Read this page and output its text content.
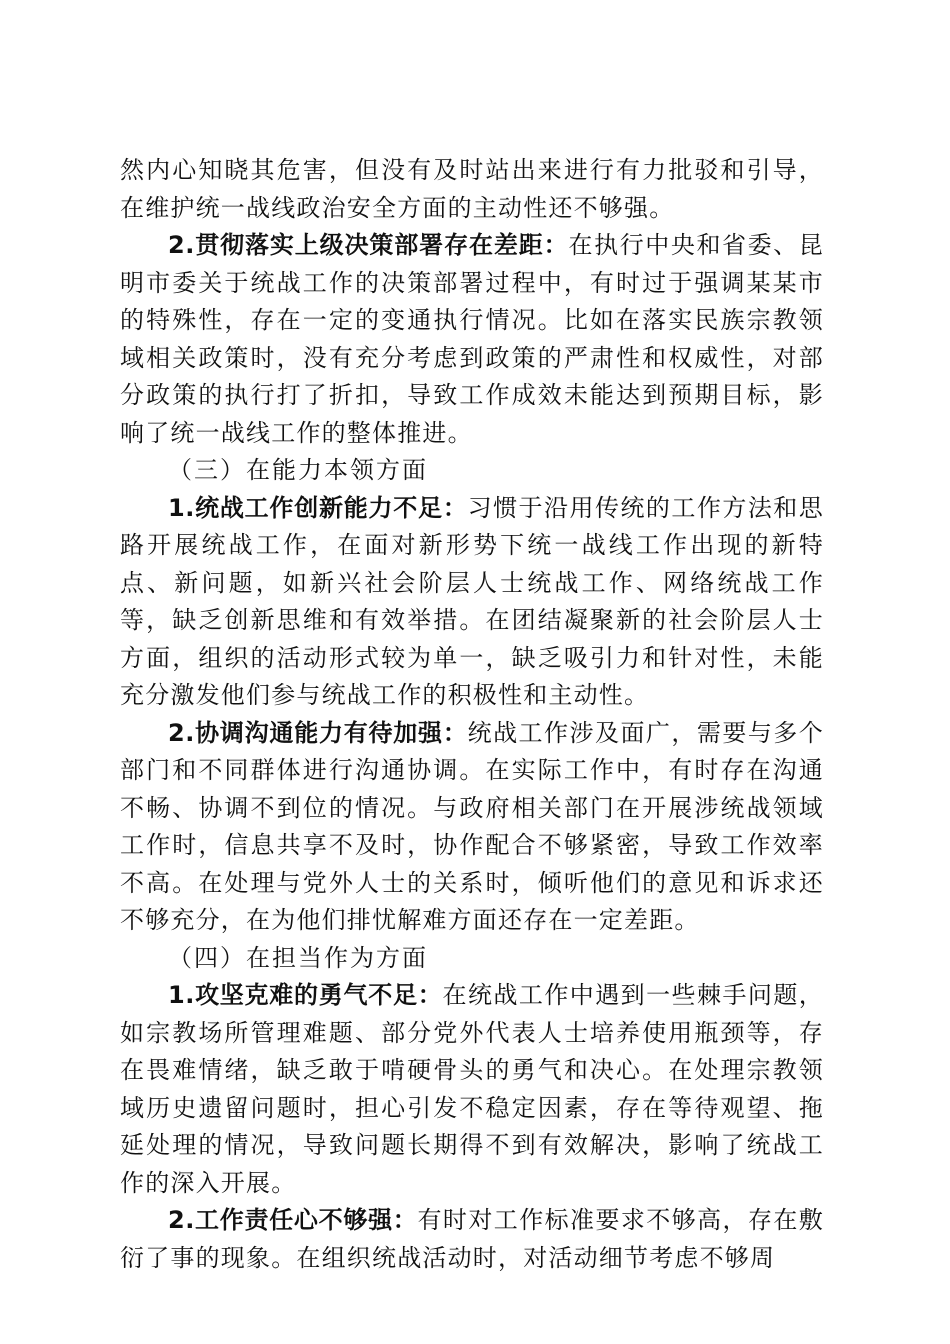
然内心知晓其危害，但没有及时站出来进行有力批驳和引导，在维护统一战线政治安全方面的主动性还不够强。

2.贯彻落实上级决策部署存在差距：在执行中央和省委、昆明市委关于统战工作的决策部署过程中，有时过于强调某某市的特殊性，存在一定的变通执行情况。比如在落实民族宗教领域相关政策时，没有充分考虑到政策的严肃性和权威性，对部分政策的执行打了折扣，导致工作成效未能达到预期目标，影响了统一战线工作的整体推进。

（三）在能力本领方面

1.统战工作创新能力不足：习惯于沿用传统的工作方法和思路开展统战工作，在面对新形势下统一战线工作出现的新特点、新问题，如新兴社会阶层人士统战工作、网络统战工作等，缺乏创新思维和有效举措。在团结凝聚新的社会阶层人士方面，组织的活动形式较为单一，缺乏吸引力和针对性，未能充分激发他们参与统战工作的积极性和主动性。

2.协调沟通能力有待加强：统战工作涉及面广，需要与多个部门和不同群体进行沟通协调。在实际工作中，有时存在沟通不畅、协调不到位的情况。与政府相关部门在开展涉统战领域工作时，信息共享不及时，协作配合不够紧密，导致工作效率不高。在处理与党外人士的关系时，倾听他们的意见和诉求还不够充分，在为他们排忧解难方面还存在一定差距。

（四）在担当作为方面

1.攻坚克难的勇气不足：在统战工作中遇到一些棘手问题，如宗教场所管理难题、部分党外代表人士培养使用瓶颈等，存在畏难情绪，缺乏敢于啃硬骨头的勇气和决心。在处理宗教领域历史遗留问题时，担心引发不稳定因素，存在等待观望、拖延处理的情况，导致问题长期得不到有效解决，影响了统战工作的深入开展。

2.工作责任心不够强：有时对工作标准要求不够高，存在敷衍了事的现象。在组织统战活动时，对活动细节考虑不够周
